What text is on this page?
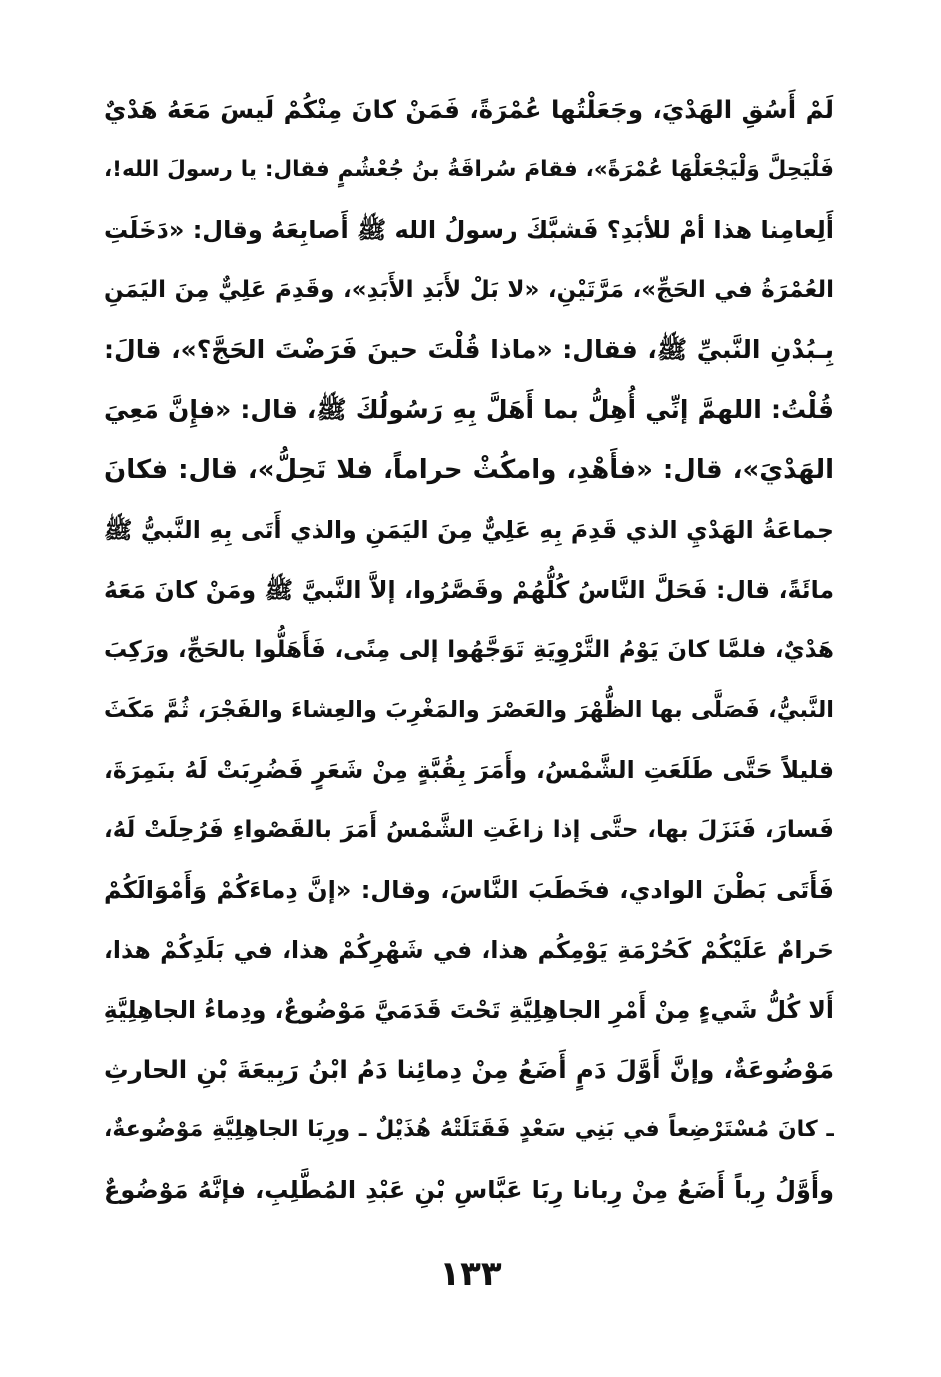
لَمْ أَسُقِ الهَدْيَ، وجَعَلْتُها عُمْرَةً، فَمَنْ كانَ مِنْكُمْ لَيسَ مَعَهُ هَدْيٌ
فَلْيَحِلَّ وَلْيَجْعَلْهَا عُمْرَةً»، فقامَ سُراقَةُ بنُ جُعْشُمٍ فقال: يا رسولَ الله!،
أَلِعامِنا هذا أمْ للأبَدِ؟ فَشبَّكَ رسولُ الله ﷺ أَصابِعَهُ وقال: «دَخَلَتِ
العُمْرَةُ في الحَجِّ»، مَرَّتَيْنِ، «لا بَلْ لأَبَدِ الأَبَدِ»، وقَدِمَ عَلِيٌّ مِنَ اليَمَنِ
بِـبُدْنِ النَّبيِّ ﷺ، فقال: «ماذا قُلْتَ حينَ فَرَضْتَ الحَجَّ؟»، قالَ:
قُلْتُ: اللهمَّ إنِّي أُهِلُّ بما أَهَلَّ بِهِ رَسُولُكَ ﷺ، قال: «فإِنَّ مَعِيَ
الهَدْيَ»، قال: «فأَهْدِ، وامكُثْ حراماً، فلا تَحِلُّ»، قال: فكانَ
جماعَةُ الهَدْيِ الذي قَدِمَ بِهِ عَلِيٌّ مِنَ اليَمَنِ والذي أَتَى بِهِ النَّبيُّ ﷺ
مائَةً، قال: فَحَلَّ النَّاسُ كُلُّهُمْ وقَصَّرُوا، إلاَّ النَّبيَّ ﷺ ومَنْ كانَ مَعَهُ
هَدْيٌ، فلمَّا كانَ يَوْمُ التَّرْوِيَةِ تَوَجَّهُوا إلى مِنًى، فَأَهَلُّوا بالحَجِّ، ورَكِبَ
النَّبيُّ، فَصَلَّى بها الظُّهْرَ والعَصْرَ والمَغْرِبَ والعِشاءَ والفَجْرَ، ثُمَّ مَكَثَ
قليلاً حَتَّى طَلَعَتِ الشَّمْسُ، وأَمَرَ بِقُبَّةٍ مِنْ شَعَرٍ فَضُرِبَتْ لَهُ بنَمِرَةَ،
فَسارَ، فَنَزَلَ بها، حتَّى إذا زاغَتِ الشَّمْسُ أَمَرَ بالقَصْواءِ فَرُحِلَتْ لَهُ،
فَأَتَى بَطْنَ الوادي، فخَطَبَ النَّاسَ، وقال: «إنَّ دِماءَكُمْ وَأَمْوَالَكُمْ
حَرامٌ عَلَيْكُمْ كَحُرْمَةِ يَوْمِكُم هذا، في شَهْرِكُمْ هذا، في بَلَدِكُمْ هذا،
أَلا كُلُّ شَيءٍ مِنْ أَمْرِ الجاهِلِيَّةِ تَحْتَ قَدَمَيَّ مَوْضُوعٌ، ودِماءُ الجاهِلِيَّةِ
مَوْضُوعَةٌ، وإنَّ أَوَّلَ دَمٍ أَضَعُ مِنْ دِمائِنا دَمُ ابْنُ رَبِيعَةَ بْنِ الحارثِ
ـ كانَ مُسْتَرْضِعاً في بَنِي سَعْدٍ فَقَتَلَتْهُ هُذَيْلٌ ـ ورِبَا الجاهِلِيَّةِ مَوْضُوعةٌ،
وأَوَّلُ رِباً أَضَعُ مِنْ رِبانا رِبَا عَبَّاسِ بْنِ عَبْدِ المُطَّلِبِ، فإنَّهُ مَوْضُوعٌ
١٣٣
